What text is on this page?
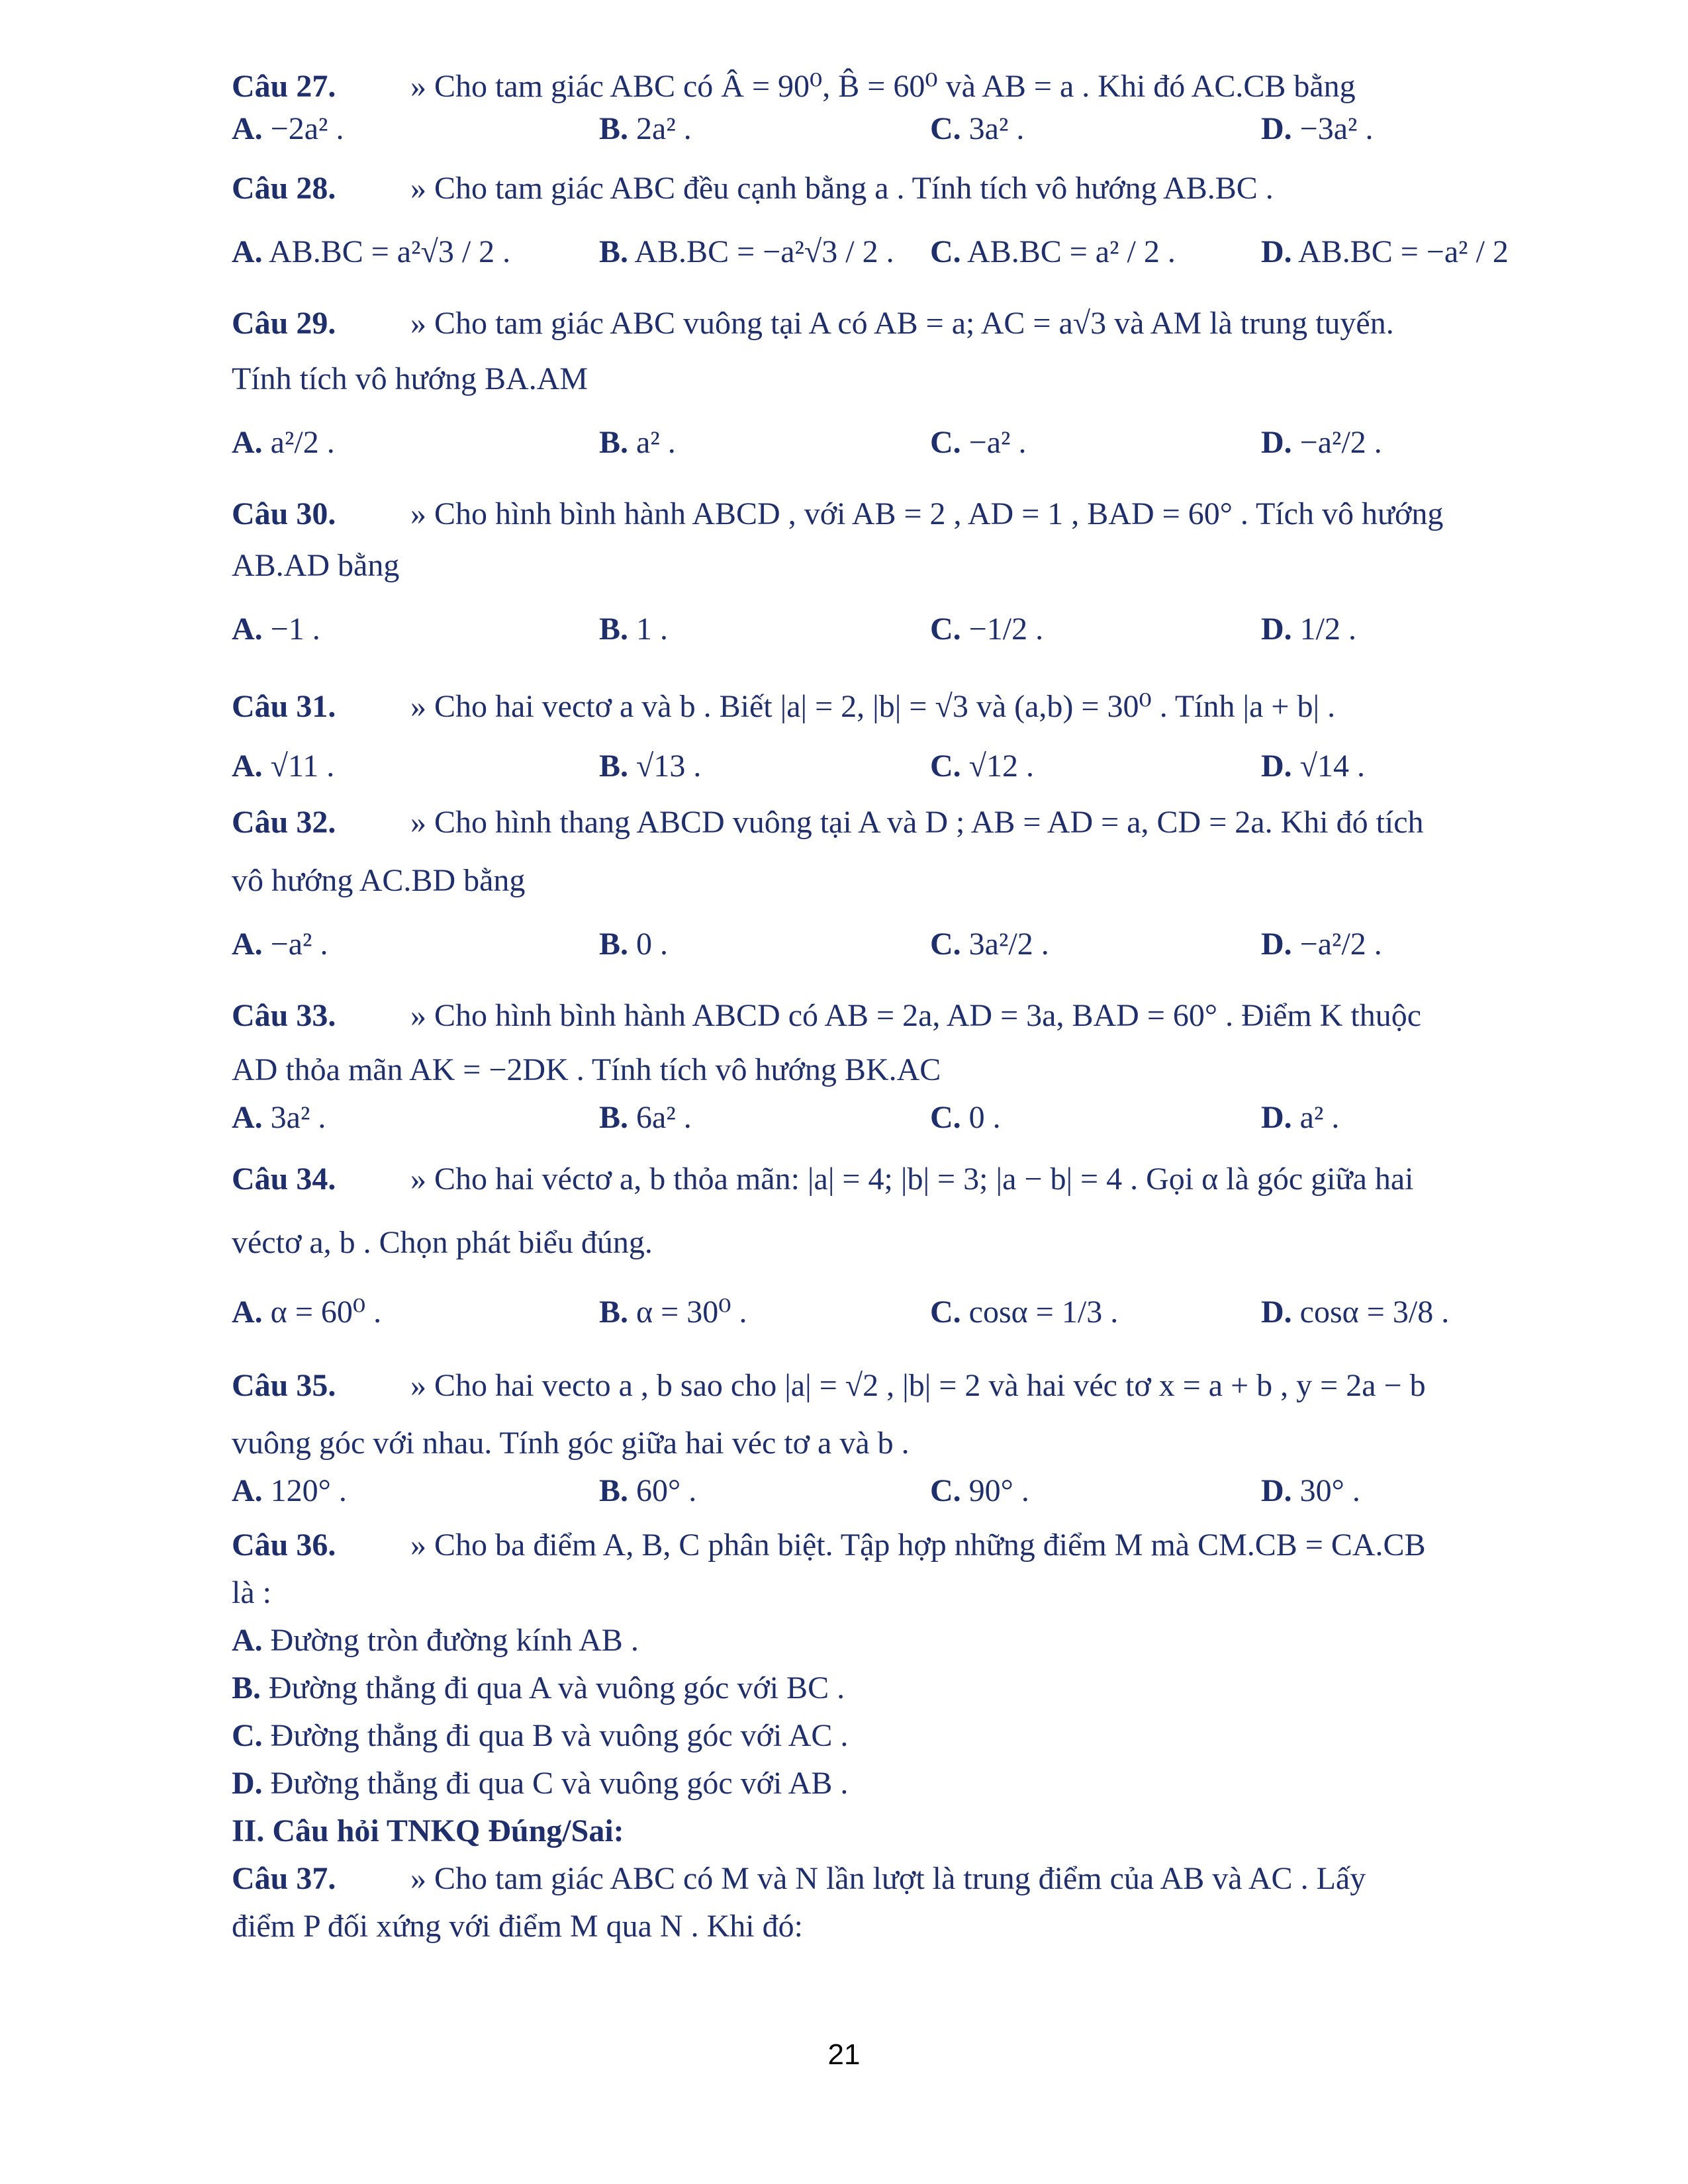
Câu 27. » Cho tam giác ABC có Â = 90⁰, B̂ = 60⁰ và AB = a . Khi đó AC.CB bằng
A. −2a² .	B. 2a² .	C. 3a² .	D. −3a² .
Câu 28. » Cho tam giác ABC đều cạnh bằng a . Tính tích vô hướng AB.BC .
A. AB.BC = a²√3 / 2 .	B. AB.BC = −a²√3 / 2 . C. AB.BC = a² / 2 .	D. AB.BC = −a² / 2
Câu 29. » Cho tam giác ABC vuông tại A có AB = a; AC = a√3 và AM là trung tuyến.
Tính tích vô hướng BA.AM
A. a²/2 .	B. a² .	C. −a² .	D. −a²/2 .
Câu 30. » Cho hình bình hành ABCD , với AB = 2 , AD = 1 , BAD = 60° . Tích vô hướng
AB.AD bằng
A. −1 .	B. 1 .	C. −1/2 .	D. 1/2 .
Câu 31. » Cho hai vectơ a và b . Biết |a| = 2, |b| = √3 và (a,b) = 30⁰ . Tính |a + b| .
A. √11 .	B. √13 .	C. √12 .	D. √14 .
Câu 32. » Cho hình thang ABCD vuông tại A và D ; AB = AD = a, CD = 2a. Khi đó tích
vô hướng AC.BD bằng
A. −a² .	B. 0 .	C. 3a²/2 .	D. −a²/2 .
Câu 33. » Cho hình bình hành ABCD có AB = 2a, AD = 3a, BAD = 60° . Điểm K thuộc
AD thỏa mãn AK = −2DK . Tính tích vô hướng BK.AC
A. 3a² .	B. 6a² .	C. 0 .	D. a² .
Câu 34. » Cho hai véctơ a, b thỏa mãn: |a| = 4; |b| = 3; |a − b| = 4 . Gọi α là góc giữa hai
véctơ a, b . Chọn phát biểu đúng.
A. α = 60⁰ .	B. α = 30⁰ .	C. cosα = 1/3 .	D. cosα = 3/8 .
Câu 35. » Cho hai vecto a , b sao cho |a| = √2 , |b| = 2 và hai véc tơ x = a + b , y = 2a − b
vuông góc với nhau. Tính góc giữa hai véc tơ a và b .
A. 120° .	B. 60° .	C. 90° .	D. 30° .
Câu 36. » Cho ba điểm A, B, C phân biệt. Tập hợp những điểm M mà CM.CB = CA.CB
là :
A. Đường tròn đường kính AB .
B. Đường thẳng đi qua A và vuông góc với BC .
C. Đường thẳng đi qua B và vuông góc với AC .
D. Đường thẳng đi qua C và vuông góc với AB .
II. Câu hỏi TNKQ Đúng/Sai:
Câu 37. » Cho tam giác ABC có M và N lần lượt là trung điểm của AB và AC . Lấy
điểm P đối xứng với điểm M qua N . Khi đó:
21
